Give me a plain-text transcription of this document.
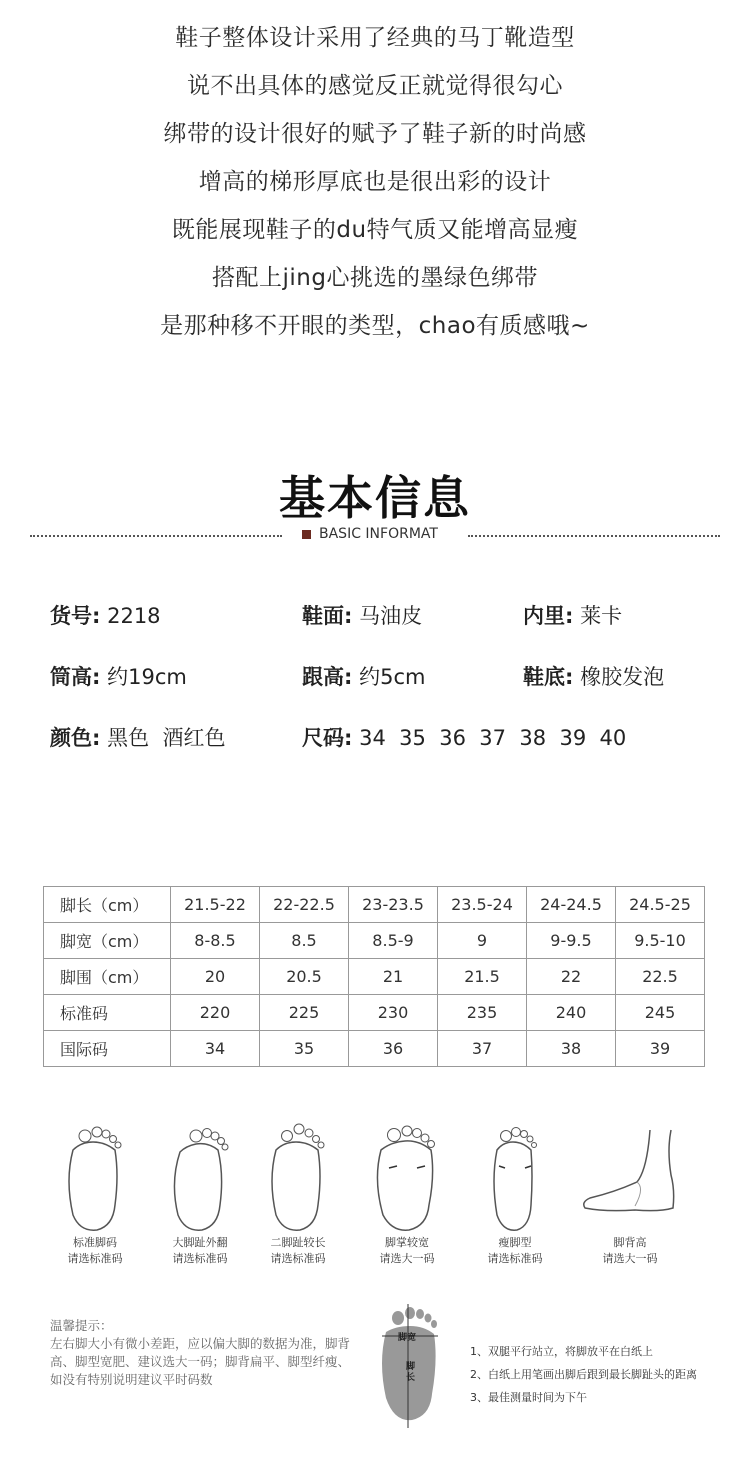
鞋子整体设计采用了经典的马丁靴造型
说不出具体的感觉反正就觉得很勾心
绑带的设计很好的赋予了鞋子新的时尚感
增高的梯形厚底也是很出彩的设计
既能展现鞋子的du特气质又能增高显瘦
搭配上jing心挑选的墨绿色绑带
是那种移不开眼的类型，chao有质感哦~
基本信息
BASIC INFORMAT
货号: 2218	鞋面: 马油皮	内里: 莱卡
筒高: 约19cm	跟高: 约5cm	鞋底: 橡胶发泡
颜色: 黑色  酒红色	尺码: 34  35  36  37  38  39  40
脚长（cm）	21.5-22	22-22.5	23-23.5	23.5-24	24-24.5	24.5-25
脚宽（cm）	8-8.5	8.5	8.5-9	9	9-9.5	9.5-10
脚围（cm）	20	20.5	21	21.5	22	22.5
标准码	220	225	230	235	240	245
国际码	34	35	36	37	38	39
标准脚码
请选标准码
大脚趾外翻
请选标准码
二脚趾较长
请选标准码
脚掌较宽
请选大一码
瘦脚型
请选标准码
脚背高
请选大一码
温馨提示：
左右脚大小有微小差距，应以偏大脚的数据为准，脚背高、脚型宽肥、建议选大一码；脚背扁平、脚型纤瘦、如没有特别说明建议平时码数
脚宽
脚长
1、双腿平行站立，将脚放平在白纸上
2、白纸上用笔画出脚后跟到最长脚趾头的距离
3、最佳测量时间为下午
